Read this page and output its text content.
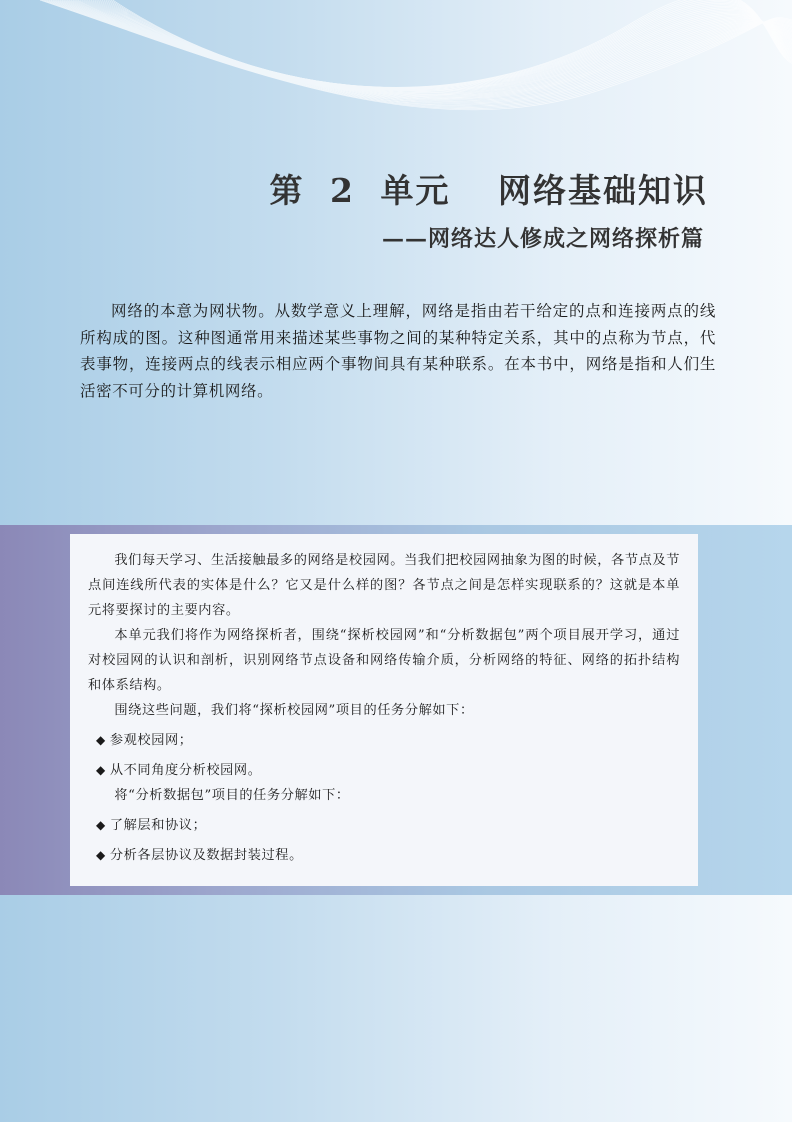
第 2 单元 网络基础知识
——网络达人修成之网络探析篇

网络的本意为网状物。从数学意义上理解，网络是指由若干给定的点和连接两点的线所构成的图。这种图通常用来描述某些事物之间的某种特定关系，其中的点称为节点，代表事物，连接两点的线表示相应两个事物间具有某种联系。在本书中，网络是指和人们生活密不可分的计算机网络。

我们每天学习、生活接触最多的网络是校园网。当我们把校园网抽象为图的时候，各节点及节点间连线所代表的实体是什么？它又是什么样的图？各节点之间是怎样实现联系的？这就是本单元将要探讨的主要内容。

本单元我们将作为网络探析者，围绕“探析校园网”和“分析数据包”两个项目展开学习，通过对校园网的认识和剖析，识别网络节点设备和网络传输介质，分析网络的特征、网络的拓扑结构和体系结构。

围绕这些问题，我们将“探析校园网”项目的任务分解如下：

◆ 参观校园网；

◆ 从不同角度分析校园网。

将“分析数据包”项目的任务分解如下：

◆ 了解层和协议；

◆ 分析各层协议及数据封装过程。
